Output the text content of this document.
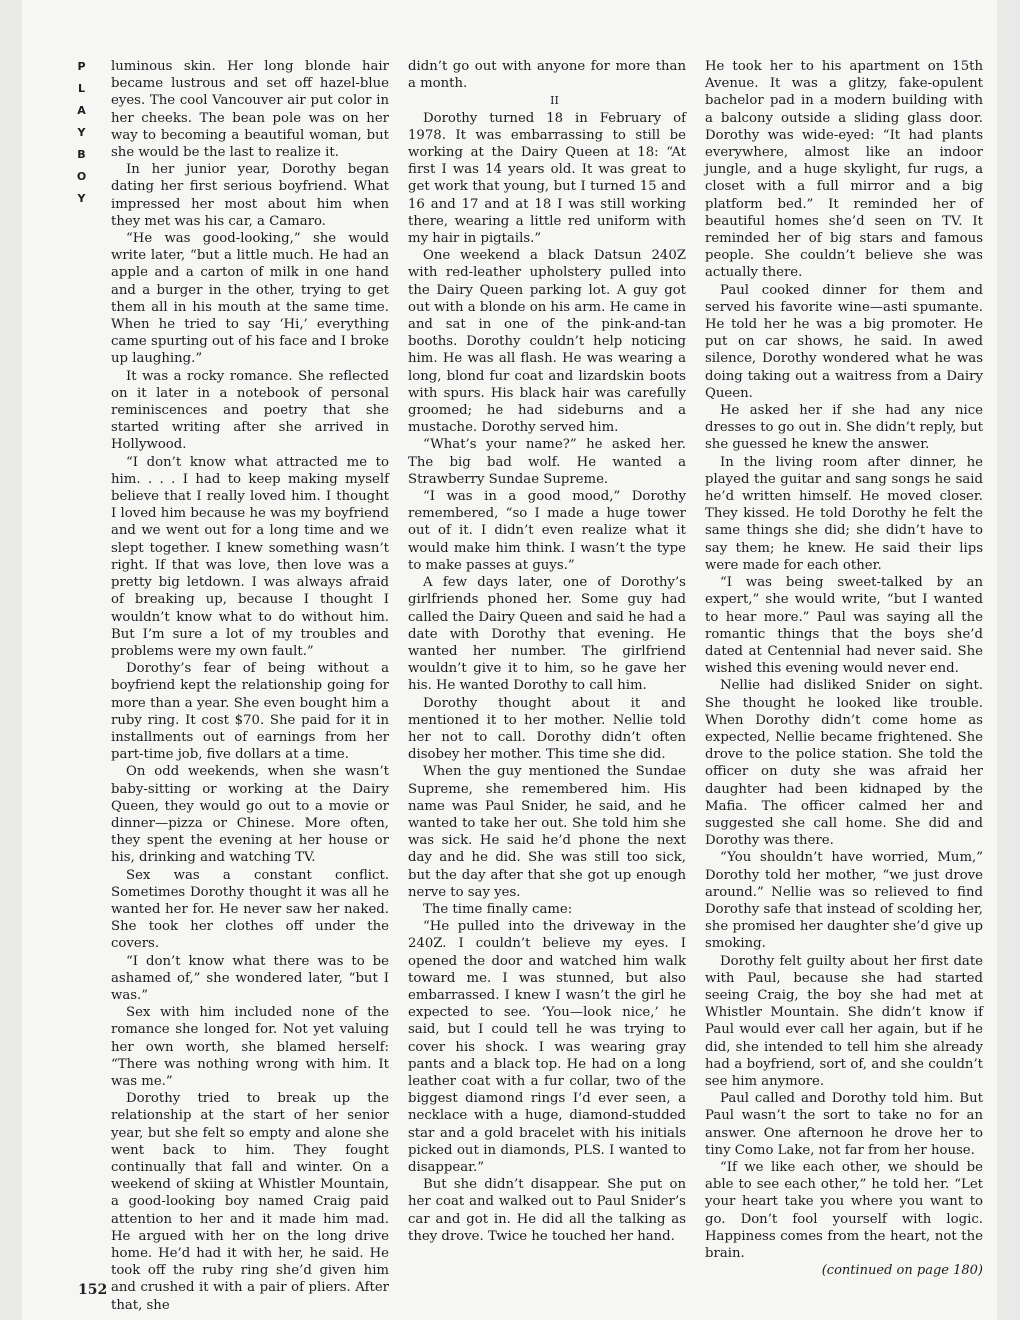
PLAYBOY luminous skin. Her long blonde hair became lustrous and set off hazel-blue eyes. The cool Vancouver air put color in her cheeks. The bean pole was on her way to becoming a beautiful woman, but she would be the last to realize it.

In her junior year, Dorothy began dating her first serious boyfriend. What impressed her most about him when they met was his car, a Camaro.

“He was good-looking,” she would write later, “but a little much. He had an apple and a carton of milk in one hand and a burger in the other, trying to get them all in his mouth at the same time. When he tried to say ‘Hi,’ everything came spurting out of his face and I broke up laughing.”

It was a rocky romance. She reflected on it later in a notebook of personal reminiscences and poetry that she started writing after she arrived in Hollywood.

“I don’t know what attracted me to him. . . . I had to keep making myself believe that I really loved him. I thought I loved him because he was my boyfriend and we went out for a long time and we slept together. I knew something wasn’t right. If that was love, then love was a pretty big letdown. I was always afraid of breaking up, because I thought I wouldn’t know what to do without him. But I’m sure a lot of my troubles and problems were my own fault.”

Dorothy’s fear of being without a boyfriend kept the relationship going for more than a year. She even bought him a ruby ring. It cost $70. She paid for it in installments out of earnings from her part-time job, five dollars at a time.

On odd weekends, when she wasn’t baby-sitting or working at the Dairy Queen, they would go out to a movie or dinner—pizza or Chinese. More often, they spent the evening at her house or his, drinking and watching TV.

Sex was a constant conflict. Sometimes Dorothy thought it was all he wanted her for. He never saw her naked. She took her clothes off under the covers.

“I don’t know what there was to be ashamed of,” she wondered later, “but I was.”

Sex with him included none of the romance she longed for. Not yet valuing her own worth, she blamed herself: “There was nothing wrong with him. It was me.”

Dorothy tried to break up the relationship at the start of her senior year, but she felt so empty and alone she went back to him. They fought continually that fall and winter. On a weekend of skiing at Whistler Mountain, a good-looking boy named Craig paid attention to her and it made him mad. He argued with her on the long drive home. He’d had it with her, he said. He took off the ruby ring she’d given him and crushed it with a pair of pliers. After that, she

didn’t go out with anyone for more than a month.

II

Dorothy turned 18 in February of 1978. It was embarrassing to still be working at the Dairy Queen at 18: “At first I was 14 years old. It was great to get work that young, but I turned 15 and 16 and 17 and at 18 I was still working there, wearing a little red uniform with my hair in pigtails.”

One weekend a black Datsun 240Z with red-leather upholstery pulled into the Dairy Queen parking lot. A guy got out with a blonde on his arm. He came in and sat in one of the pink-and-tan booths. Dorothy couldn’t help noticing him. He was all flash. He was wearing a long, blond fur coat and lizardskin boots with spurs. His black hair was carefully groomed; he had sideburns and a mustache. Dorothy served him.

“What’s your name?” he asked her. The big bad wolf. He wanted a Strawberry Sundae Supreme.

“I was in a good mood,” Dorothy remembered, “so I made a huge tower out of it. I didn’t even realize what it would make him think. I wasn’t the type to make passes at guys.”

A few days later, one of Dorothy’s girlfriends phoned her. Some guy had called the Dairy Queen and said he had a date with Dorothy that evening. He wanted her number. The girlfriend wouldn’t give it to him, so he gave her his. He wanted Dorothy to call him.

Dorothy thought about it and mentioned it to her mother. Nellie told her not to call. Dorothy didn’t often disobey her mother. This time she did.

When the guy mentioned the Sundae Supreme, she remembered him. His name was Paul Snider, he said, and he wanted to take her out. She told him she was sick. He said he’d phone the next day and he did. She was still too sick, but the day after that she got up enough nerve to say yes.

The time finally came:

“He pulled into the driveway in the 240Z. I couldn’t believe my eyes. I opened the door and watched him walk toward me. I was stunned, but also embarrassed. I knew I wasn’t the girl he expected to see. ‘You—look nice,’ he said, but I could tell he was trying to cover his shock. I was wearing gray pants and a black top. He had on a long leather coat with a fur collar, two of the biggest diamond rings I’d ever seen, a necklace with a huge, diamond-studded star and a gold bracelet with his initials picked out in diamonds, PLS. I wanted to disappear.”

But she didn’t disappear. She put on her coat and walked out to Paul Snider’s car and got in. He did all the talking as they drove. Twice he touched her hand.

He took her to his apartment on 15th Avenue. It was a glitzy, fake-opulent bachelor pad in a modern building with a balcony outside a sliding glass door. Dorothy was wide-eyed: “It had plants everywhere, almost like an indoor jungle, and a huge skylight, fur rugs, a closet with a full mirror and a big platform bed.” It reminded her of beautiful homes she’d seen on TV. It reminded her of big stars and famous people. She couldn’t believe she was actually there.

Paul cooked dinner for them and served his favorite wine—asti spumante. He told her he was a big promoter. He put on car shows, he said. In awed silence, Dorothy wondered what he was doing taking out a waitress from a Dairy Queen.

He asked her if she had any nice dresses to go out in. She didn’t reply, but she guessed he knew the answer.

In the living room after dinner, he played the guitar and sang songs he said he’d written himself. He moved closer. They kissed. He told Dorothy he felt the same things she did; she didn’t have to say them; he knew. He said their lips were made for each other.

“I was being sweet-talked by an expert,” she would write, “but I wanted to hear more.” Paul was saying all the romantic things that the boys she’d dated at Centennial had never said. She wished this evening would never end.

Nellie had disliked Snider on sight. She thought he looked like trouble. When Dorothy didn’t come home as expected, Nellie became frightened. She drove to the police station. She told the officer on duty she was afraid her daughter had been kidnaped by the Mafia. The officer calmed her and suggested she call home. She did and Dorothy was there.

“You shouldn’t have worried, Mum,” Dorothy told her mother, “we just drove around.” Nellie was so relieved to find Dorothy safe that instead of scolding her, she promised her daughter she’d give up smoking.

Dorothy felt guilty about her first date with Paul, because she had started seeing Craig, the boy she had met at Whistler Mountain. She didn’t know if Paul would ever call her again, but if he did, she intended to tell him she already had a boyfriend, sort of, and she couldn’t see him anymore.

Paul called and Dorothy told him. But Paul wasn’t the sort to take no for an answer. One afternoon he drove her to tiny Como Lake, not far from her house.

“If we like each other, we should be able to see each other,” he told her. “Let your heart take you where you want to go. Don’t fool yourself with logic. Happiness comes from the heart, not the brain.

(continued on page 180)

152
